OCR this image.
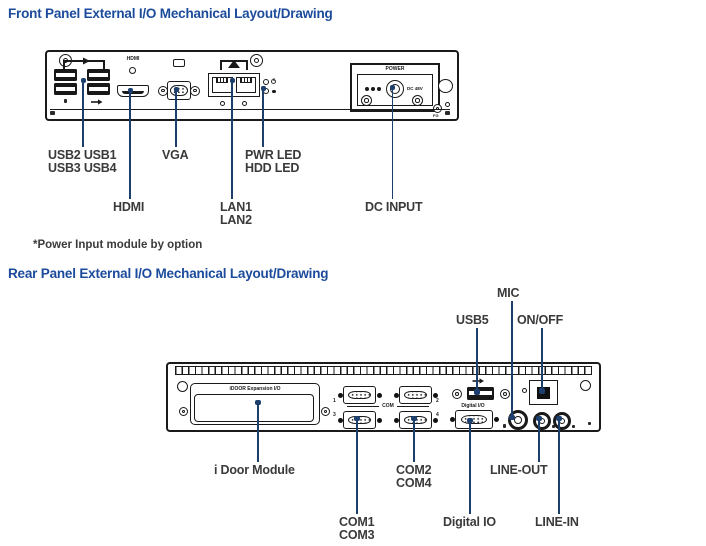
Front Panel External I/O Mechanical Layout/Drawing
HDMI
POWER
DC 48V
FG
USB2 USB1
USB3 USB4
VGA	PWR LED
HDD LED
HDMI	LAN1
LAN2
DC INPUT
*Power Input module by option
Rear Panel External I/O Mechanical Layout/Drawing
MIC
USB5 ON/OFF
iDOOR Expansion I/O
1	2
3	4
COM	Digital I/O
i Door Module	COM2
COM4
LINE-OUT
COM1
COM3
Digital IO	LINE-IN
